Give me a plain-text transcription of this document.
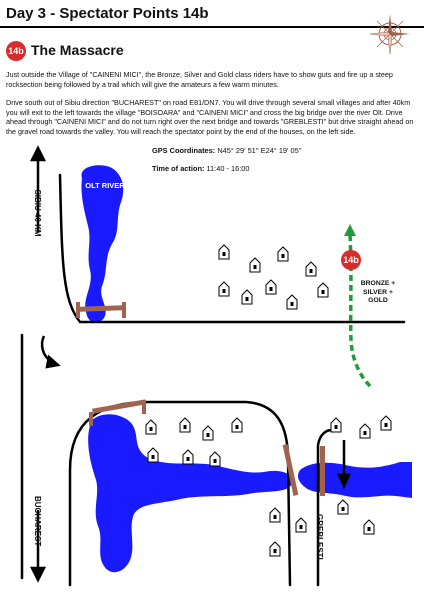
Day 3 - Spectator Points 14b
14b The Massacre

Just outside the Village of "CAINENI MICI", the Bronze, Silver and Gold class riders have to show guts and fire up a steep rocksection being followed by a trail which will give the amateurs a few warm minutes.

Drive south out of Sibiu direction "BUCHAREST" on road E81/DN7. You will drive through several small villages and after 40km you will exit to the left towards the village "BOISOARA" and "CAINENI MICI" and cross the big bridge over the river Olt. Drive ahead through "CAINENI MICI" and do not turn right over the next bridge and towards "GREBLESTI" but drive straight ahead on the gravel road towards the valley. You will reach the spectator point by the end of the houses, on the left side.

GPS Coordinates: N45° 29' 51'' E24° 19' 05''
Time of action: 11:40 - 16:00
OLT RIVER
SIBIU 40 KM
BUCHAREST	GREBLESTI
14b
BRONZE + SILVER + GOLD
